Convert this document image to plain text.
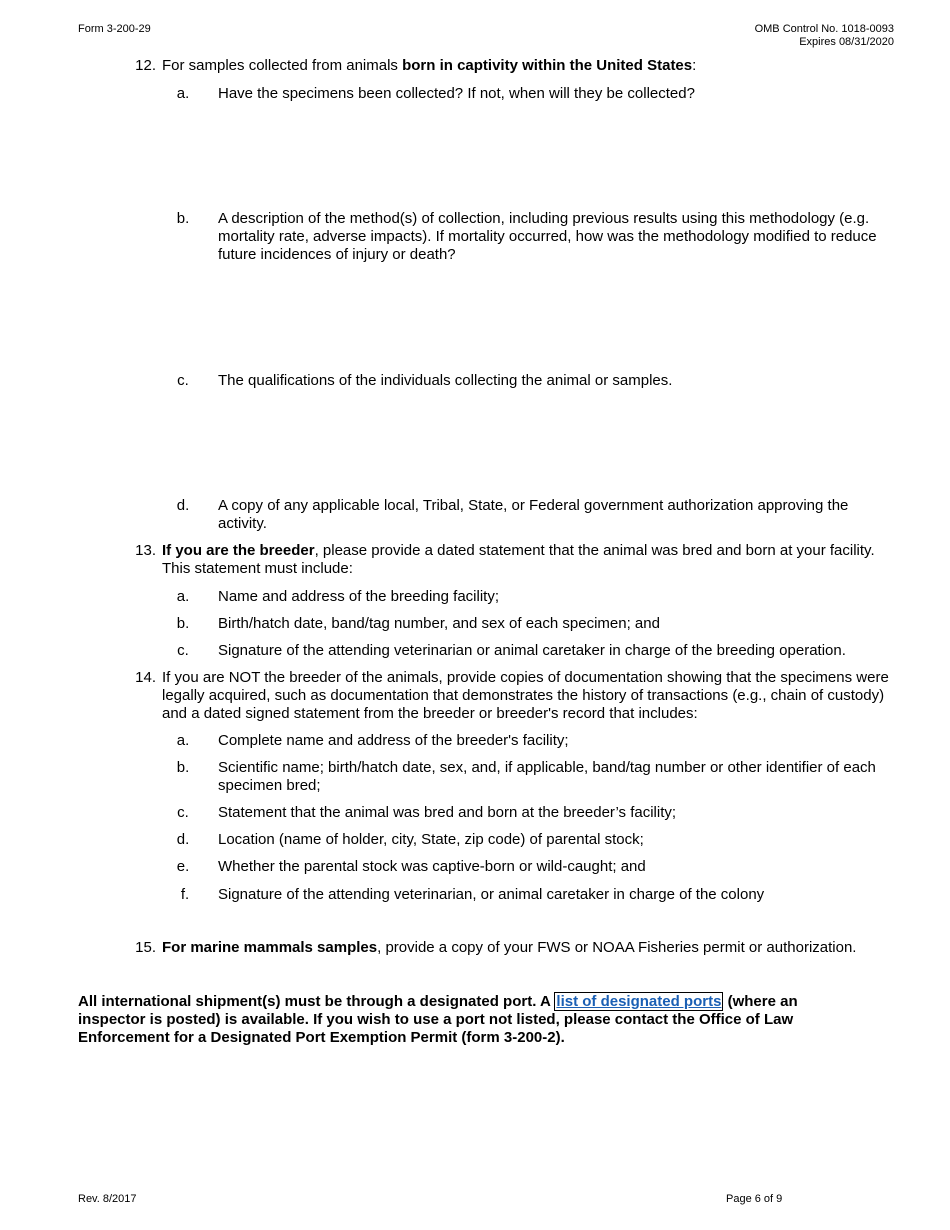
Form 3-200-29	OMB Control No. 1018-0093
Expires 08/31/2020
12. For samples collected from animals born in captivity within the United States:
a. Have the specimens been collected? If not, when will they be collected?
b. A description of the method(s) of collection, including previous results using this methodology (e.g. mortality rate, adverse impacts). If mortality occurred, how was the methodology modified to reduce future incidences of injury or death?
c. The qualifications of the individuals collecting the animal or samples.
d. A copy of any applicable local, Tribal, State, or Federal government authorization approving the activity.
13. If you are the breeder, please provide a dated statement that the animal was bred and born at your facility. This statement must include:
a. Name and address of the breeding facility;
b. Birth/hatch date, band/tag number, and sex of each specimen; and
c. Signature of the attending veterinarian or animal caretaker in charge of the breeding operation.
14. If you are NOT the breeder of the animals, provide copies of documentation showing that the specimens were legally acquired, such as documentation that demonstrates the history of transactions (e.g., chain of custody) and a dated signed statement from the breeder or breeder's record that includes:
a. Complete name and address of the breeder's facility;
b. Scientific name; birth/hatch date, sex, and, if applicable, band/tag number or other identifier of each specimen bred;
c. Statement that the animal was bred and born at the breeder’s facility;
d. Location (name of holder, city, State, zip code) of parental stock;
e. Whether the parental stock was captive-born or wild-caught; and
f.	Signature of the attending veterinarian, or animal caretaker in charge of the colony
15. For marine mammals samples, provide a copy of your FWS or NOAA Fisheries permit or authorization.
All international shipment(s) must be through a designated port. A list of designated ports (where an inspector is posted) is available. If you wish to use a port not listed, please contact the Office of Law Enforcement for a Designated Port Exemption Permit (form 3-200-2).
Rev. 8/2017	Page 6 of 9
